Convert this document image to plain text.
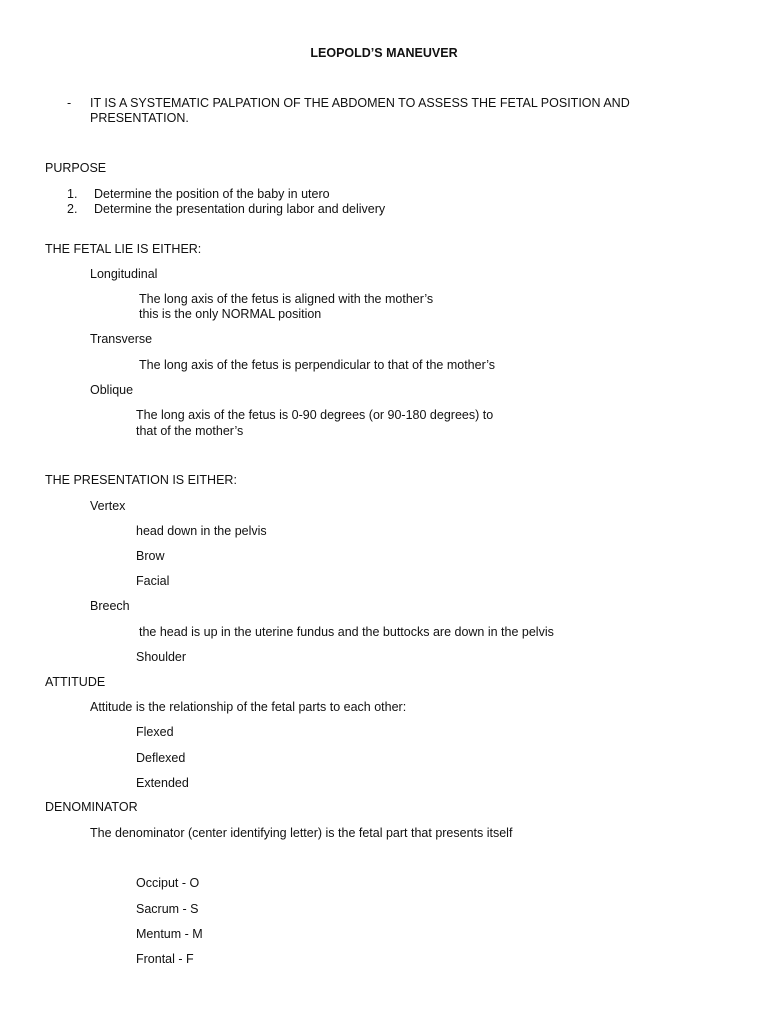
LEOPOLD’S MANEUVER
- IT IS A SYSTEMATIC PALPATION OF THE ABDOMEN TO ASSESS THE FETAL POSITION AND
PRESENTATION.
PURPOSE
1. Determine the position of the baby in utero
2. Determine the presentation during labor and delivery
THE FETAL LIE IS EITHER:
Longitudinal
The long axis of the fetus is aligned with the mother’s
this is the only NORMAL position
Transverse
The long axis of the fetus is perpendicular to that of the mother’s
Oblique
The long axis of the fetus is 0-90 degrees (or 90-180 degrees) to
that of the mother’s
THE PRESENTATION IS EITHER:
Vertex
head down in the pelvis
Brow
Facial
Breech
the head is up in the uterine fundus and the buttocks are down in the pelvis
Shoulder
ATTITUDE
Attitude is the relationship of the fetal parts to each other:
Flexed
Deflexed
Extended
DENOMINATOR
The denominator (center identifying letter) is the fetal part that presents itself
Occiput - O
Sacrum - S
Mentum - M
Frontal - F
